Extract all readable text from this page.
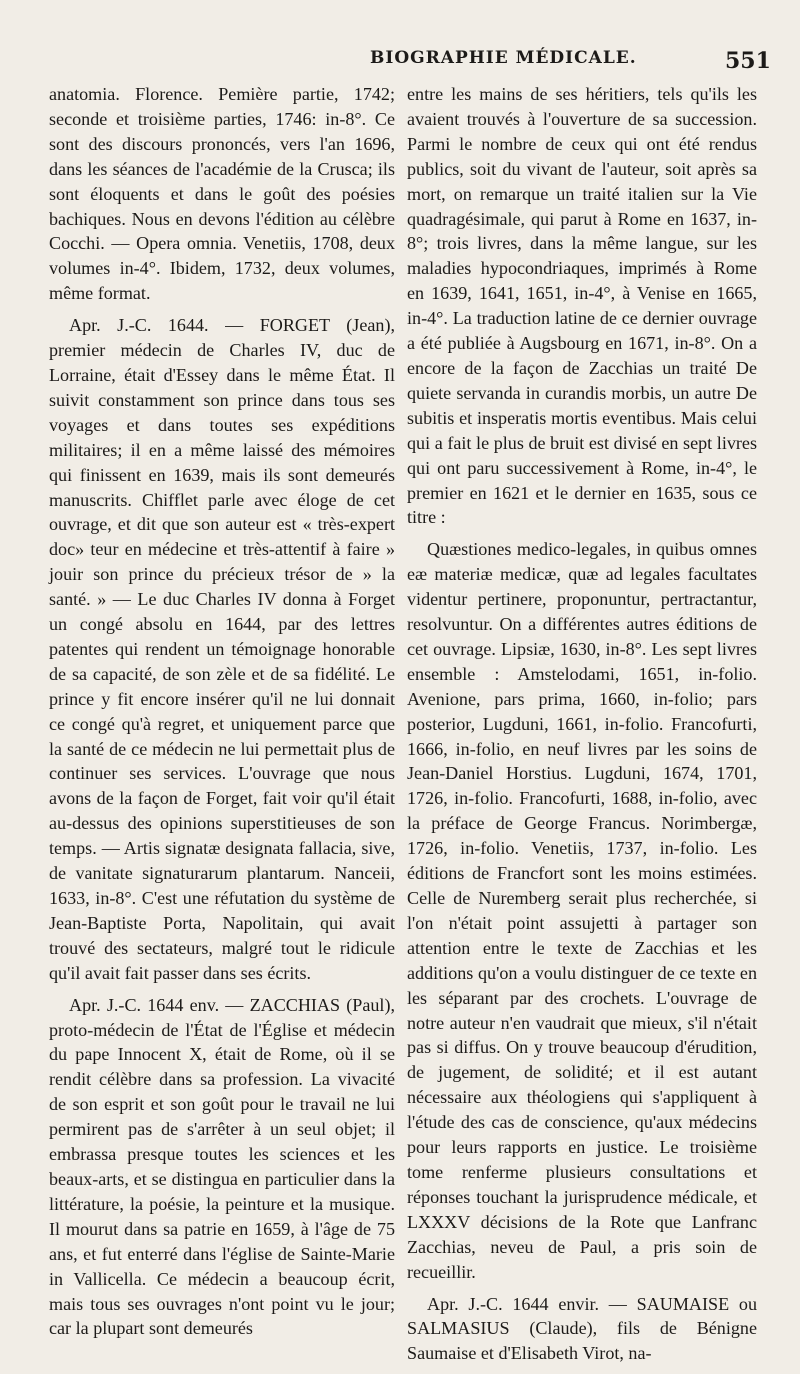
BIOGRAPHIE MÉDICALE.	551

anatomia. Florence. Pemière partie, 1742; seconde et troisième parties, 1746: in-8°. Ce sont des discours prononcés, vers l'an 1696, dans les séances de l'académie de la Crusca; ils sont éloquents et dans le goût des poésies bachiques. Nous en devons l'édition au célèbre Cocchi. — Opera omnia. Venetiis, 1708, deux volumes in-4°. Ibidem, 1732, deux volumes, même format.

Apr. J.-C. 1644. — FORGET (Jean), premier médecin de Charles IV, duc de Lorraine, était d'Essey dans le même État. Il suivit constamment son prince dans tous ses voyages et dans toutes ses expéditions militaires; il en a même laissé des mémoires qui finissent en 1639, mais ils sont demeurés manuscrits. Chifflet parle avec éloge de cet ouvrage, et dit que son auteur est « très-expert doc» teur en médecine et très-attentif à faire » jouir son prince du précieux trésor de » la santé. » — Le duc Charles IV donna à Forget un congé absolu en 1644, par des lettres patentes qui rendent un témoignage honorable de sa capacité, de son zèle et de sa fidélité. Le prince y fit encore insérer qu'il ne lui donnait ce congé qu'à regret, et uniquement parce que la santé de ce médecin ne lui permettait plus de continuer ses services. L'ouvrage que nous avons de la façon de Forget, fait voir qu'il était au-dessus des opinions superstitieuses de son temps. — Artis signatæ designata fallacia, sive, de vanitate signaturarum plantarum. Nanceii, 1633, in-8°. C'est une réfutation du système de Jean-Baptiste Porta, Napolitain, qui avait trouvé des sectateurs, malgré tout le ridicule qu'il avait fait passer dans ses écrits.

Apr. J.-C. 1644 env. — ZACCHIAS (Paul), proto-médecin de l'État de l'Église et médecin du pape Innocent X, était de Rome, où il se rendit célèbre dans sa profession. La vivacité de son esprit et son goût pour le travail ne lui permirent pas de s'arrêter à un seul objet; il embrassa presque toutes les sciences et les beaux-arts, et se distingua en particulier dans la littérature, la poésie, la peinture et la musique. Il mourut dans sa patrie en 1659, à l'âge de 75 ans, et fut enterré dans l'église de Sainte-Marie in Vallicella. Ce médecin a beaucoup écrit, mais tous ses ouvrages n'ont point vu le jour; car la plupart sont demeurés

entre les mains de ses héritiers, tels qu'ils les avaient trouvés à l'ouverture de sa succession. Parmi le nombre de ceux qui ont été rendus publics, soit du vivant de l'auteur, soit après sa mort, on remarque un traité italien sur la Vie quadragésimale, qui parut à Rome en 1637, in-8°; trois livres, dans la même langue, sur les maladies hypocondriaques, imprimés à Rome en 1639, 1641, 1651, in-4°, à Venise en 1665, in-4°. La traduction latine de ce dernier ouvrage a été publiée à Augsbourg en 1671, in-8°. On a encore de la façon de Zacchias un traité De quiete servanda in curandis morbis, un autre De subitis et insperatis mortis eventibus. Mais celui qui a fait le plus de bruit est divisé en sept livres qui ont paru successivement à Rome, in-4°, le premier en 1621 et le dernier en 1635, sous ce titre :

Quæstiones medico-legales, in quibus omnes eæ materiæ medicæ, quæ ad legales facultates videntur pertinere, proponuntur, pertractantur, resolvuntur. On a différentes autres éditions de cet ouvrage. Lipsiæ, 1630, in-8°. Les sept livres ensemble : Amstelodami, 1651, in-folio. Avenione, pars prima, 1660, in-folio; pars posterior, Lugduni, 1661, in-folio. Francofurti, 1666, in-folio, en neuf livres par les soins de Jean-Daniel Horstius. Lugduni, 1674, 1701, 1726, in-folio. Francofurti, 1688, in-folio, avec la préface de George Francus. Norimbergæ, 1726, in-folio. Venetiis, 1737, in-folio. Les éditions de Francfort sont les moins estimées. Celle de Nuremberg serait plus recherchée, si l'on n'était point assujetti à partager son attention entre le texte de Zacchias et les additions qu'on a voulu distinguer de ce texte en les séparant par des crochets. L'ouvrage de notre auteur n'en vaudrait que mieux, s'il n'était pas si diffus. On y trouve beaucoup d'érudition, de jugement, de solidité; et il est autant nécessaire aux théologiens qui s'appliquent à l'étude des cas de conscience, qu'aux médecins pour leurs rapports en justice. Le troisième tome renferme plusieurs consultations et réponses touchant la jurisprudence médicale, et LXXXV décisions de la Rote que Lanfranc Zacchias, neveu de Paul, a pris soin de recueillir.

Apr. J.-C. 1644 envir. — SAUMAISE ou SALMASIUS (Claude), fils de Bénigne Saumaise et d'Elisabeth Virot, na-
